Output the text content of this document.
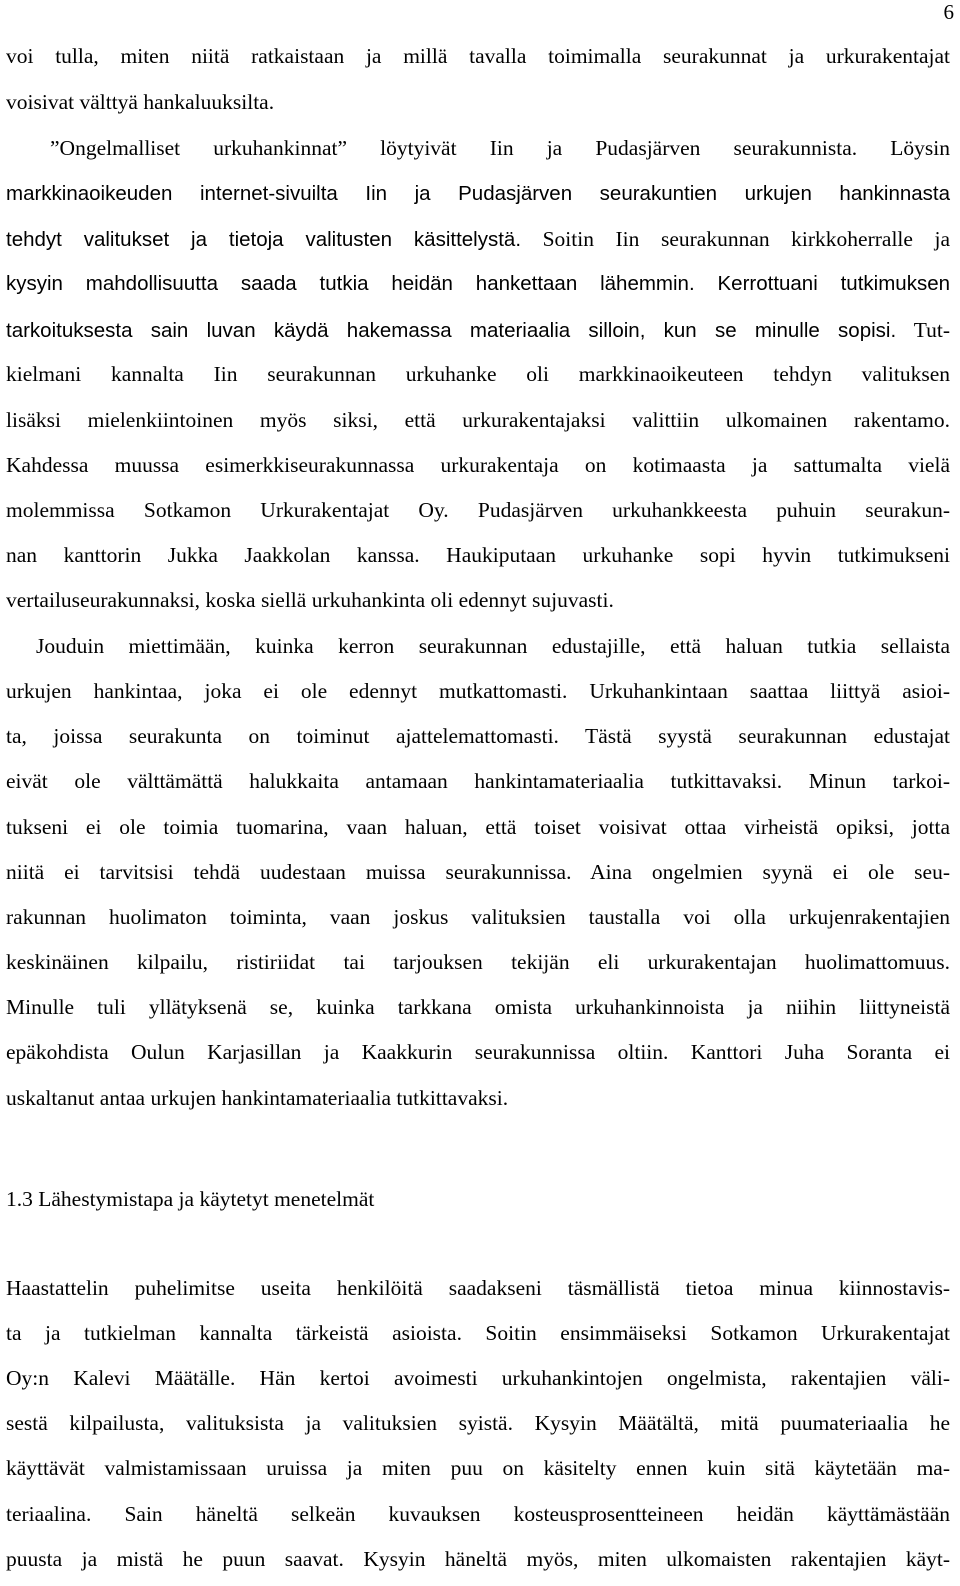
6

voi tulla, miten niitä ratkaistaan ja millä tavalla toimimalla seurakunnat ja urkurakentajat

voisivat välttyä hankaluuksilta.

”Ongelmalliset urkuhankinnat” löytyivät Iin ja Pudasjärven seurakunnista. Löysin

markkinaoikeuden internet-sivuilta Iin ja Pudasjärven seurakuntien urkujen hankinnasta

tehdyt valitukset ja tietoja valitusten käsittelystä. Soitin Iin seurakunnan kirkkoherralle ja

kysyin mahdollisuutta saada tutkia heidän hankettaan lähemmin. Kerrottuani tutkimuksen

tarkoituksesta sain luvan käydä hakemassa materiaalia silloin, kun se minulle sopisi. Tut-

kielmani kannalta Iin seurakunnan urkuhanke oli markkinaoikeuteen tehdyn valituksen

lisäksi mielenkiintoinen myös siksi, että urkurakentajaksi valittiin ulkomainen rakentamo.

Kahdessa muussa esimerkkiseurakunnassa urkurakentaja on kotimaasta ja sattumalta vielä

molemmissa Sotkamon Urkurakentajat Oy. Pudasjärven urkuhankkeesta puhuin seurakun-

nan kanttorin Jukka Jaakkolan kanssa. Haukiputaan urkuhanke sopi hyvin tutkimukseni

vertailuseurakunnaksi, koska siellä urkuhankinta oli edennyt sujuvasti.

Jouduin miettimään, kuinka kerron seurakunnan edustajille, että haluan tutkia sellaista

urkujen hankintaa, joka ei ole edennyt mutkattomasti. Urkuhankintaan saattaa liittyä asioi-

ta, joissa seurakunta on toiminut ajattelemattomasti. Tästä syystä seurakunnan edustajat

eivät ole välttämättä halukkaita antamaan hankintamateriaalia tutkittavaksi. Minun tarkoi-

tukseni ei ole toimia tuomarina, vaan haluan, että toiset voisivat ottaa virheistä opiksi, jotta

niitä ei tarvitsisi tehdä uudestaan muissa seurakunnissa. Aina ongelmien syynä ei ole seu-

rakunnan huolimaton toiminta, vaan joskus valituksien taustalla voi olla urkujenrakentajien

keskinäinen kilpailu, ristiriidat tai tarjouksen tekijän eli urkurakentajan huolimattomuus.

Minulle tuli yllätyksenä se, kuinka tarkkana omista urkuhankinnoista ja niihin liittyneistä

epäkohdista Oulun Karjasillan ja Kaakkurin seurakunnissa oltiin. Kanttori Juha Soranta ei

uskaltanut antaa urkujen hankintamateriaalia tutkittavaksi.

1.3 Lähestymistapa ja käytetyt menetelmät

Haastattelin puhelimitse useita henkilöitä saadakseni täsmällistä tietoa minua kiinnostavis-

ta ja tutkielman kannalta tärkeistä asioista. Soitin ensimmäiseksi Sotkamon Urkurakentajat

Oy:n Kalevi Määtälle. Hän kertoi avoimesti urkuhankintojen ongelmista, rakentajien väli-

sestä kilpailusta, valituksista ja valituksien syistä. Kysyin Määtältä, mitä puumateriaalia he

käyttävät valmistamissaan uruissa ja miten puu on käsitelty ennen kuin sitä käytetään ma-

teriaalina. Sain häneltä selkeän kuvauksen kosteusprosentteineen heidän käyttämästään

puusta ja mistä he puun saavat. Kysyin häneltä myös, miten ulkomaisten rakentajien käyt-
